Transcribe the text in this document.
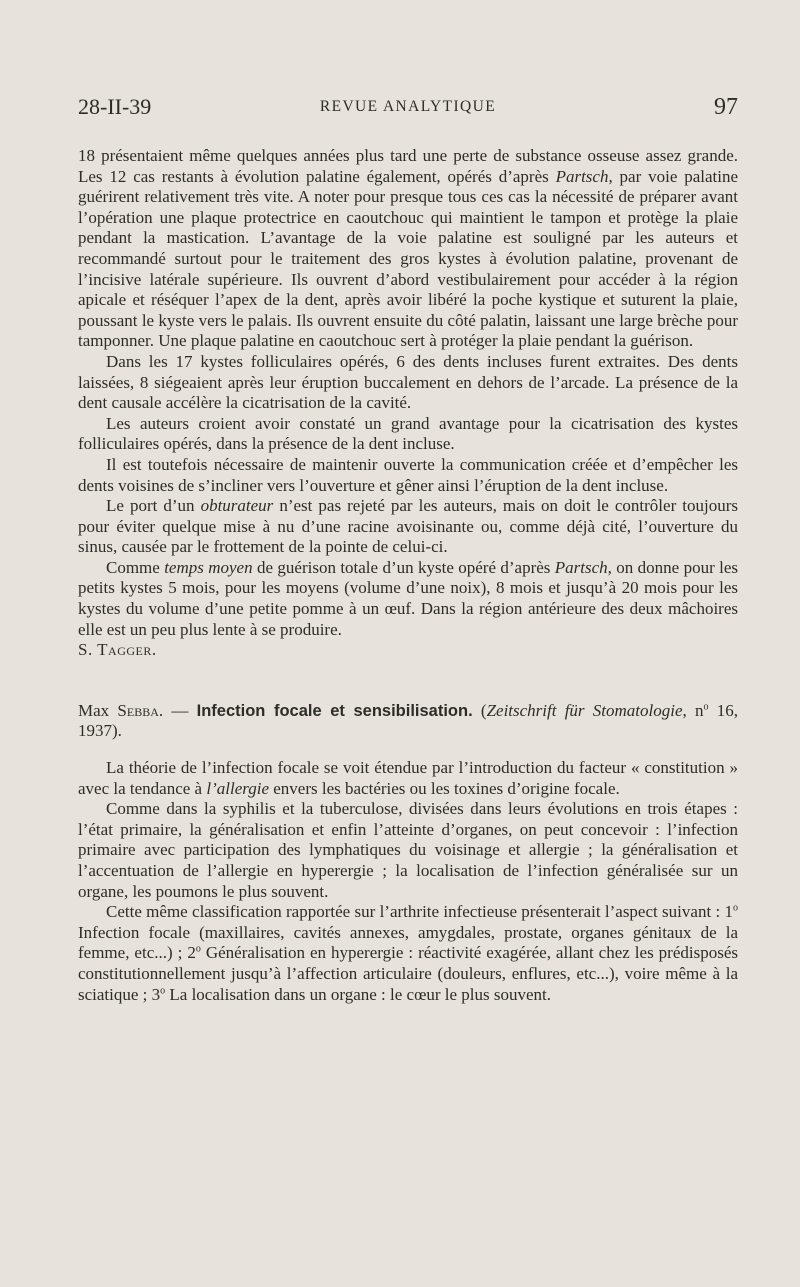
28-II-39	REVUE ANALYTIQUE	97

18 présentaient même quelques années plus tard une perte de substance osseuse assez grande. Les 12 cas restants à évolution palatine également, opérés d’après Partsch, par voie palatine guérirent relativement très vite. A noter pour presque tous ces cas la nécessité de préparer avant l’opération une plaque protectrice en caoutchouc qui maintient le tampon et protège la plaie pendant la mastication. L’avantage de la voie palatine est souligné par les auteurs et recommandé surtout pour le traitement des gros kystes à évolution palatine, provenant de l’incisive latérale supérieure. Ils ouvrent d’abord vestibulairement pour accéder à la région apicale et réséquer l’apex de la dent, après avoir libéré la poche kystique et suturent la plaie, poussant le kyste vers le palais. Ils ouvrent ensuite du côté palatin, laissant une large brèche pour tamponner. Une plaque palatine en caoutchouc sert à protéger la plaie pendant la guérison.

Dans les 17 kystes folliculaires opérés, 6 des dents incluses furent extraites. Des dents laissées, 8 siégeaient après leur éruption buccalement en dehors de l’arcade. La présence de la dent causale accélère la cicatrisation de la cavité.

Les auteurs croient avoir constaté un grand avantage pour la cicatrisation des kystes folliculaires opérés, dans la présence de la dent incluse.

Il est toutefois nécessaire de maintenir ouverte la communication créée et d’empêcher les dents voisines de s’incliner vers l’ouverture et gêner ainsi l’éruption de la dent incluse.

Le port d’un obturateur n’est pas rejeté par les auteurs, mais on doit le contrôler toujours pour éviter quelque mise à nu d’une racine avoisinante ou, comme déjà cité, l’ouverture du sinus, causée par le frottement de la pointe de celui-ci.

Comme temps moyen de guérison totale d’un kyste opéré d’après Partsch, on donne pour les petits kystes 5 mois, pour les moyens (volume d’une noix), 8 mois et jusqu’à 20 mois pour les kystes du volume d’une petite pomme à un œuf. Dans la région antérieure des deux mâchoires elle est un peu plus lente à se produire.

S. Tagger.

Max Sebba. — Infection focale et sensibilisation. (Zeitschrift für Stomatologie, $n^o$ 16, 1937).

La théorie de l’infection focale se voit étendue par l’introduction du facteur « constitution » avec la tendance à l’allergie envers les bactéries ou les toxines d’origine focale.

Comme dans la syphilis et la tuberculose, divisées dans leurs évolutions en trois étapes : l’état primaire, la généralisation et enfin l’atteinte d’organes, on peut concevoir : l’infection primaire avec participation des lymphatiques du voisinage et allergie ; la généralisation et l’accentuation de l’allergie en hyperergie ; la localisation de l’infection généralisée sur un organe, les poumons le plus souvent.

Cette même classification rapportée sur l’arthrite infectieuse présenterait l’aspect suivant : 1$^o$ Infection focale (maxillaires, cavités annexes, amygdales, prostate, organes génitaux de la femme, etc...) ; 2$^o$ Généralisation en hyperergie : réactivité exagérée, allant chez les prédisposés constitutionnellement jusqu’à l’affection articulaire (douleurs, enflures, etc...), voire même à la sciatique ; 3$^o$ La localisation dans un organe : le cœur le plus souvent.
